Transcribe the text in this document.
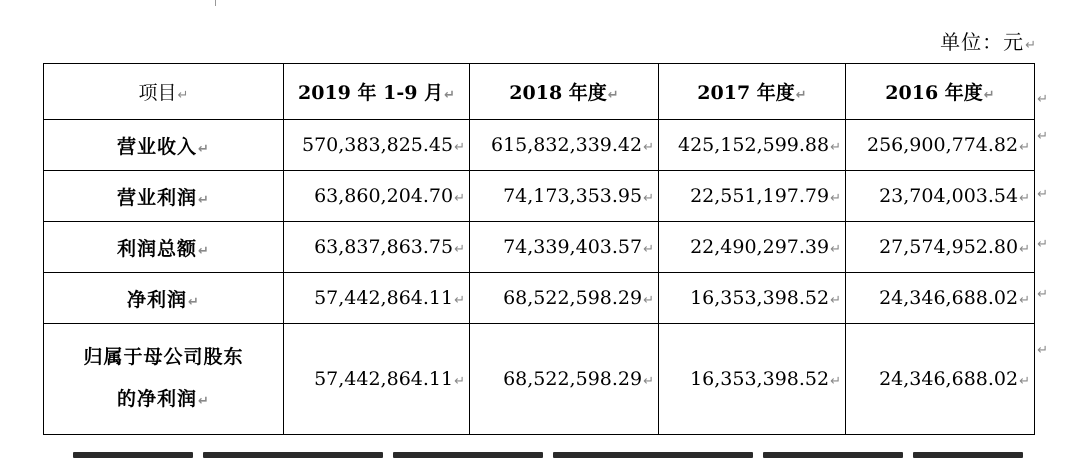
单位：元↵
项目↵	2019 年 1-9 月↵	2018 年度↵	2017 年度↵	2016 年度↵
营业收入↵	570,383,825.45↵	615,832,339.42↵	425,152,599.88↵	256,900,774.82↵
营业利润↵	63,860,204.70↵	74,173,353.95↵	22,551,197.79↵	23,704,003.54↵
利润总额↵	63,837,863.75↵	74,339,403.57↵	22,490,297.39↵	27,574,952.80↵
净利润↵	57,442,864.11↵	68,522,598.29↵	16,353,398.52↵	24,346,688.02↵
归属于母公司股东
的净利润↵	57,442,864.11↵	68,522,598.29↵	16,353,398.52↵	24,346,688.02↵
↵
↵
↵
↵
↵
↵
